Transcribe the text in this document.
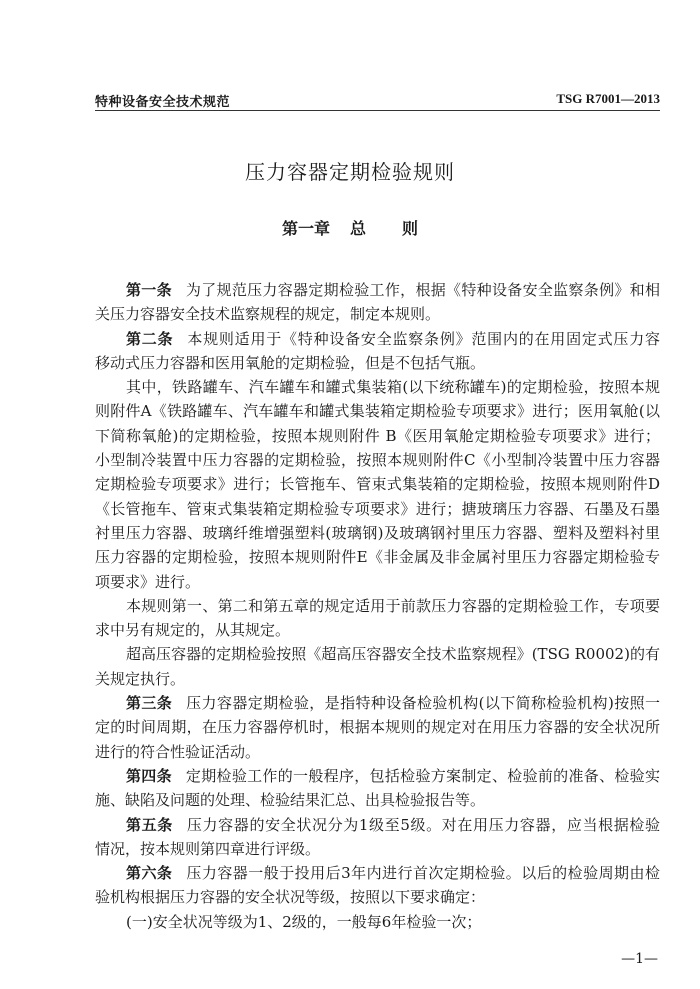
特种设备安全技术规范	TSG R7001—2013
压力容器定期检验规则
第一章 总 则
第一条 为了规范压力容器定期检验工作，根据《特种设备安全监察条例》和相
关压力容器安全技术监察规程的规定，制定本规则。
第二条 本规则适用于《特种设备安全监察条例》范围内的在用固定式压力容
移动式压力容器和医用氧舱的定期检验，但是不包括气瓶。
其中，铁路罐车、汽车罐车和罐式集装箱(以下统称罐车)的定期检验，按照本规
则附件A《铁路罐车、汽车罐车和罐式集装箱定期检验专项要求》进行；医用氧舱(以
下简称氧舱)的定期检验，按照本规则附件 B《医用氧舱定期检验专项要求》进行；
小型制冷装置中压力容器的定期检验，按照本规则附件C《小型制冷装置中压力容器
定期检验专项要求》进行；长管拖车、管束式集装箱的定期检验，按照本规则附件D
《长管拖车、管束式集装箱定期检验专项要求》进行；搪玻璃压力容器、石墨及石墨
衬里压力容器、玻璃纤维增强塑料(玻璃钢)及玻璃钢衬里压力容器、塑料及塑料衬里
压力容器的定期检验，按照本规则附件E《非金属及非金属衬里压力容器定期检验专
项要求》进行。
本规则第一、第二和第五章的规定适用于前款压力容器的定期检验工作，专项要
求中另有规定的，从其规定。
超高压容器的定期检验按照《超高压容器安全技术监察规程》(TSG R0002)的有
关规定执行。
第三条 压力容器定期检验，是指特种设备检验机构(以下简称检验机构)按照一
定的时间周期，在压力容器停机时，根据本规则的规定对在用压力容器的安全状况所
进行的符合性验证活动。
第四条 定期检验工作的一般程序，包括检验方案制定、检验前的准备、检验实
施、缺陷及问题的处理、检验结果汇总、出具检验报告等。
第五条 压力容器的安全状况分为1级至5级。对在用压力容器，应当根据检验
情况，按本规则第四章进行评级。
第六条 压力容器一般于投用后3年内进行首次定期检验。以后的检验周期由检
验机构根据压力容器的安全状况等级，按照以下要求确定：
(一)安全状况等级为1、2级的，一般每6年检验一次；
—1—
